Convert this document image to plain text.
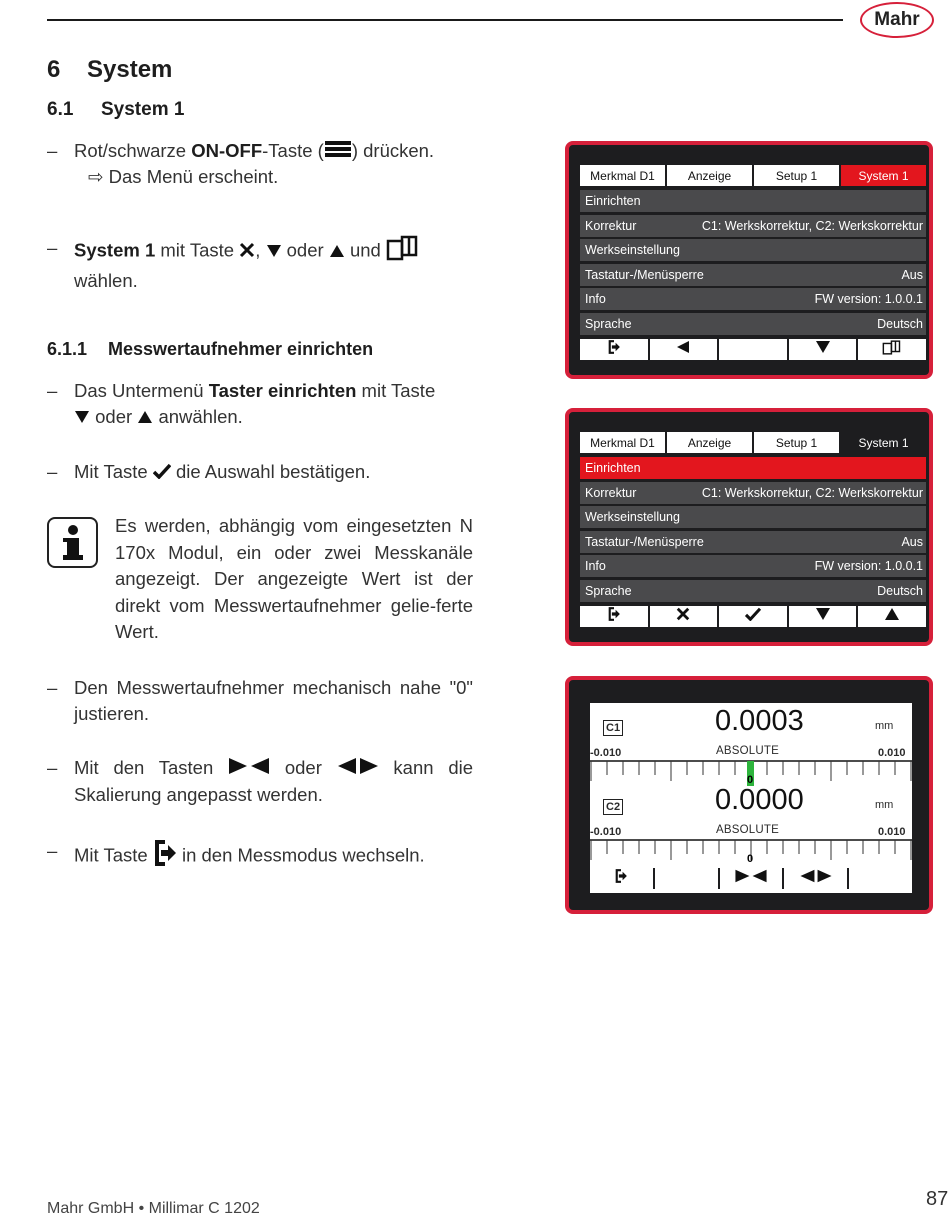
Mahr
6 System
6.1 System 1
– Rot/schwarze ON-OFF-Taste ( ) drücken.
⇨ Das Menü erscheint.
– System 1 mit Taste ,  oder  und
wählen.
6.1.1 Messwertaufnehmer einrichten
– Das Untermenü Taster einrichten mit Taste
oder  anwählen.
– Mit Taste  die Auswahl bestätigen.
Es werden, abhängig vom eingesetzten N 170x Modul, ein oder zwei Messkanäle angezeigt. Der angezeigte Wert ist der direkt vom Messwertaufnehmer gelie-ferte Wert.
– Den Messwertaufnehmer mechanisch nahe "0" justieren.
– Mit den Tasten  oder  kann die Skalierung angepasst werden.
– Mit Taste  in den Messmodus wechseln.
Merkmal D1	Anzeige	Setup 1	System 1
Einrichten
Korrektur	C1: Werkskorrektur, C2: Werkskorrektur
Werkseinstellung
Tastatur-/Menüsperre	Aus
Info	FW version: 1.0.0.1
Sprache	Deutsch
Merkmal D1	Anzeige	Setup 1	System 1
Einrichten
Korrektur	C1: Werkskorrektur, C2: Werkskorrektur
Werkseinstellung
Tastatur-/Menüsperre	Aus
Info	FW version: 1.0.0.1
Sprache	Deutsch
C1	0.0003	mm
-0.010	ABSOLUTE	0.010
0
C2	0.0000	mm
-0.010	ABSOLUTE	0.010
0
Mahr GmbH • Millimar C 1202	87
